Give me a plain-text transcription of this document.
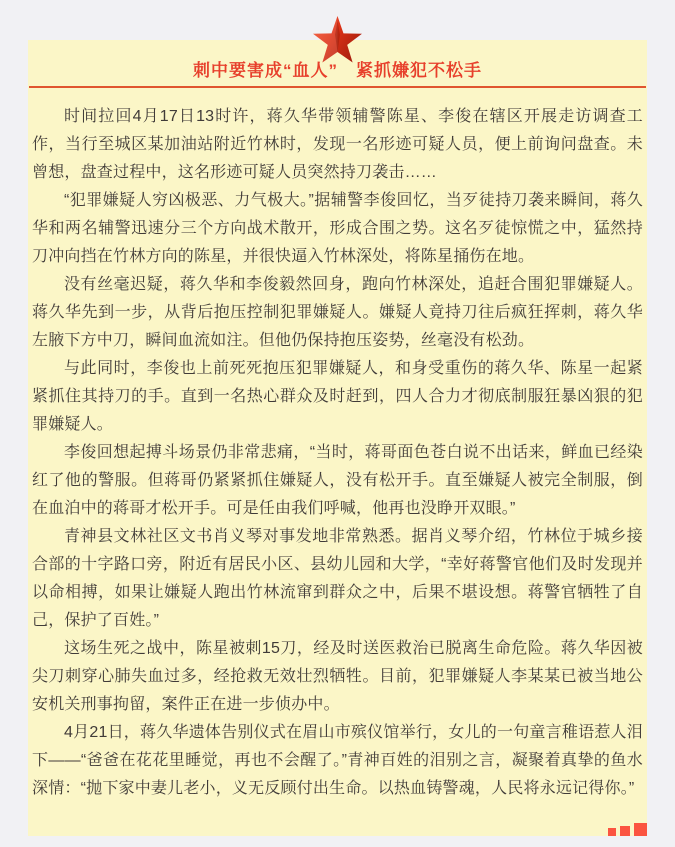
刺中要害成“血人”　紧抓嫌犯不松手

时间拉回4月17日13时许，蒋久华带领辅警陈星、李俊在辖区开展走访调查工作，当行至城区某加油站附近竹林时，发现一名形迹可疑人员，便上前询问盘查。未曾想，盘查过程中，这名形迹可疑人员突然持刀袭击……

“犯罪嫌疑人穷凶极恶、力气极大。”据辅警李俊回忆，当歹徒持刀袭来瞬间，蒋久华和两名辅警迅速分三个方向战术散开，形成合围之势。这名歹徒惊慌之中，猛然持刀冲向挡在竹林方向的陈星，并很快逼入竹林深处，将陈星捅伤在地。

没有丝毫迟疑，蒋久华和李俊毅然回身，跑向竹林深处，追赶合围犯罪嫌疑人。蒋久华先到一步，从背后抱压控制犯罪嫌疑人。嫌疑人竟持刀往后疯狂挥刺，蒋久华左腋下方中刀，瞬间血流如注。但他仍保持抱压姿势，丝毫没有松劲。

与此同时，李俊也上前死死抱压犯罪嫌疑人，和身受重伤的蒋久华、陈星一起紧紧抓住其持刀的手。直到一名热心群众及时赶到，四人合力才彻底制服狂暴凶狠的犯罪嫌疑人。

李俊回想起搏斗场景仍非常悲痛，“当时，蒋哥面色苍白说不出话来，鲜血已经染红了他的警服。但蒋哥仍紧紧抓住嫌疑人，没有松开手。直至嫌疑人被完全制服，倒在血泊中的蒋哥才松开手。可是任由我们呼喊，他再也没睁开双眼。”

青神县文林社区文书肖义琴对事发地非常熟悉。据肖义琴介绍，竹林位于城乡接合部的十字路口旁，附近有居民小区、县幼儿园和大学，“幸好蒋警官他们及时发现并以命相搏，如果让嫌疑人跑出竹林流窜到群众之中，后果不堪设想。蒋警官牺牲了自己，保护了百姓。”

这场生死之战中，陈星被刺15刀，经及时送医救治已脱离生命危险。蒋久华因被尖刀刺穿心肺失血过多，经抢救无效壮烈牺牲。目前，犯罪嫌疑人李某某已被当地公安机关刑事拘留，案件正在进一步侦办中。

4月21日，蒋久华遗体告别仪式在眉山市殡仪馆举行，女儿的一句童言稚语惹人泪下——“爸爸在花花里睡觉，再也不会醒了。”青神百姓的泪别之言，凝聚着真挚的鱼水深情：“抛下家中妻儿老小，义无反顾付出生命。以热血铸警魂，人民将永远记得你。”
